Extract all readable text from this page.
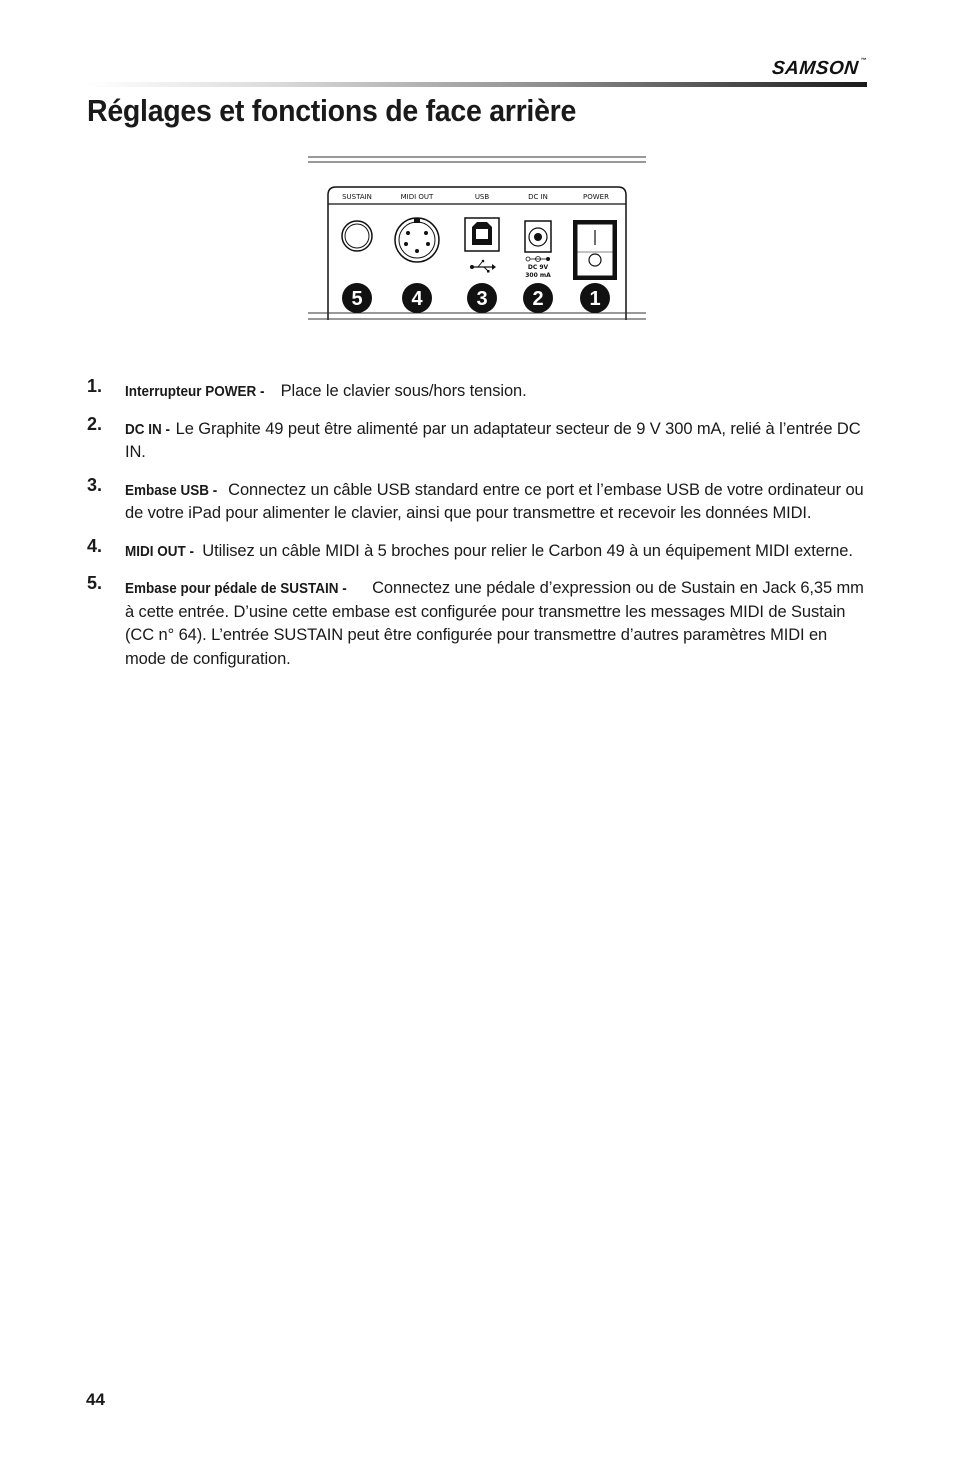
SAMSON™
Réglages et fonctions de face arrière
SUSTAIN	MIDI OUT	USB	DC IN	POWER
DC 9V
300 mA
5 4	3 2 1
1. Interrupteur POWER -  Place le clavier sous/hors tension.
2. DC IN -  Le Graphite 49 peut être alimenté par un adaptateur secteur de 9 V 300 mA, relié à l’entrée DC IN.
3. Embase USB -  Connectez un câble USB standard entre ce port et l’embase USB de votre ordinateur ou de votre iPad pour alimenter le clavier, ainsi que pour transmettre et recevoir les données MIDI.
4. MIDI OUT -  Utilisez un câble MIDI à 5 broches pour relier le Carbon 49 à un équipement MIDI externe.
5. Embase pour pédale de SUSTAIN -  Connectez une pédale d’expression ou de Sustain en Jack 6,35 mm à cette entrée. D’usine cette embase est configurée pour transmettre les messages MIDI de Sustain (CC n° 64). L’entrée SUSTAIN peut être configurée pour transmettre d’autres paramètres MIDI en mode de configuration.
44
